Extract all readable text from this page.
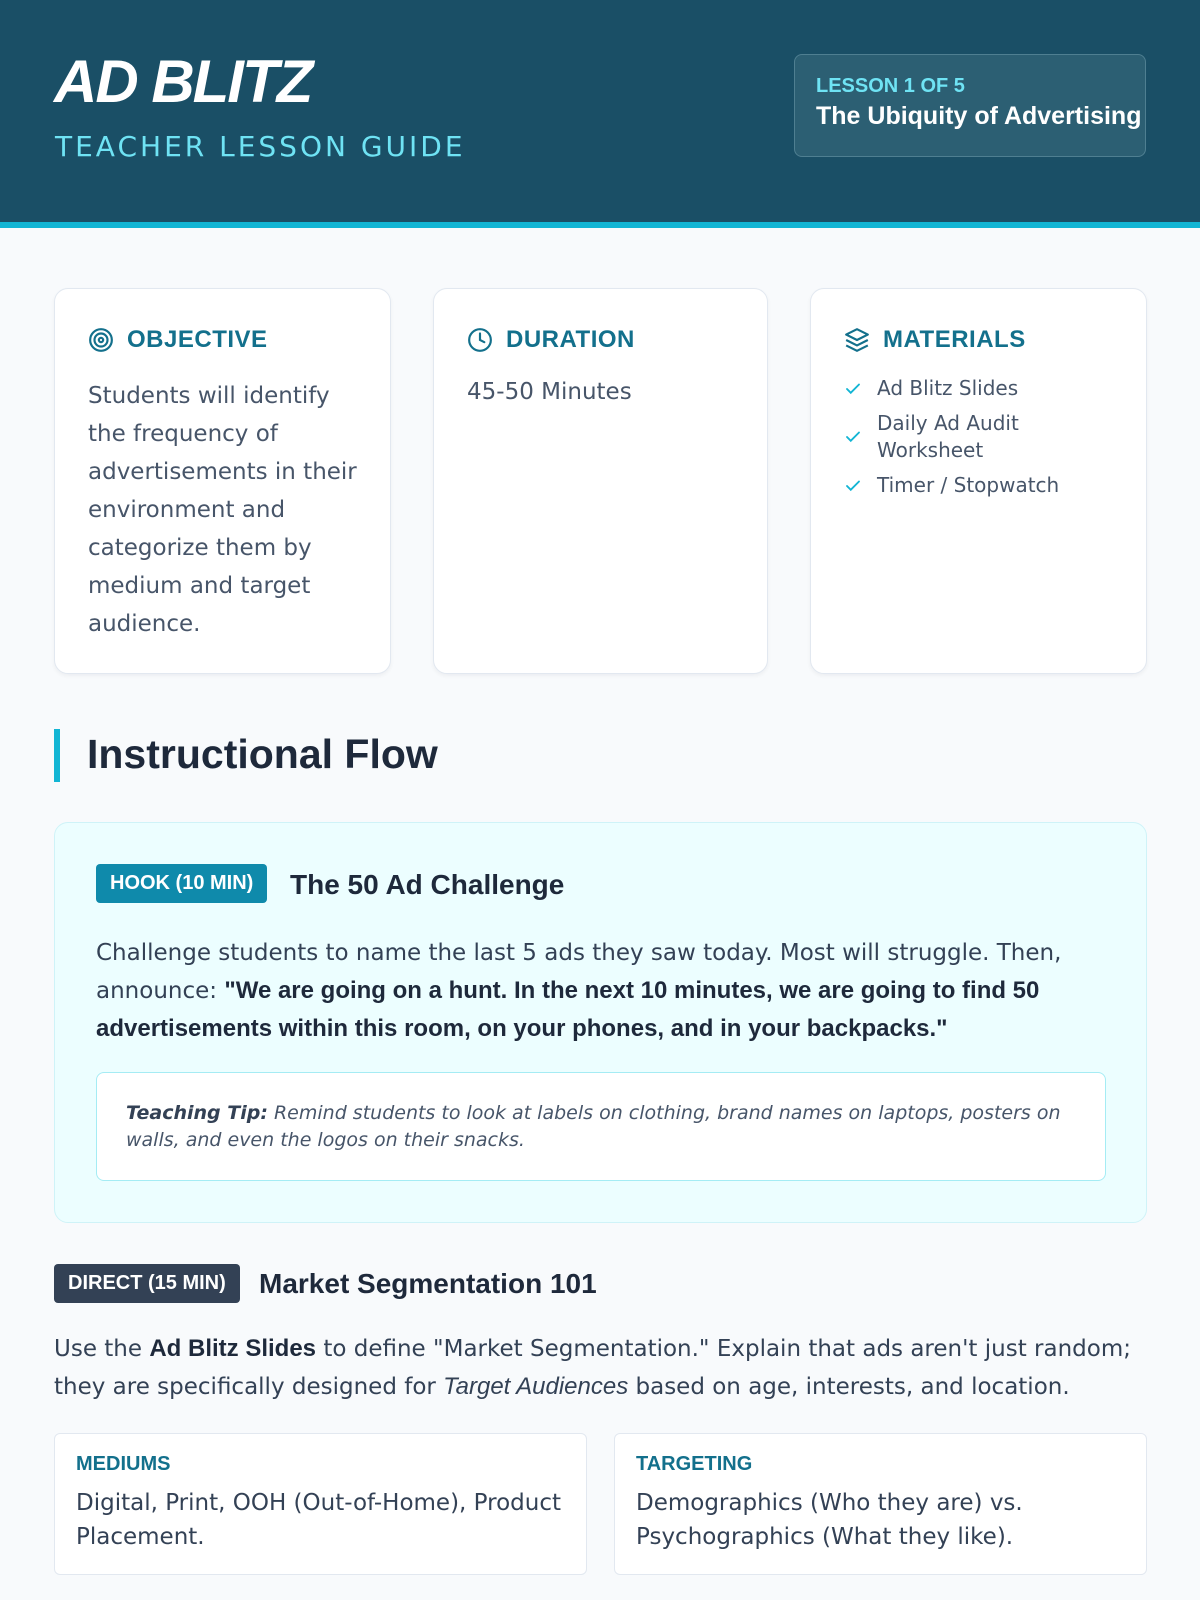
AD BLITZ
TEACHER LESSON GUIDE
LESSON 1 OF 5
The Ubiquity of Advertising
OBJECTIVE
Students will identify the frequency of advertisements in their environment and categorize them by medium and target audience.
DURATION
45-50 Minutes
MATERIALS
Ad Blitz Slides
Daily Ad Audit Worksheet
Timer / Stopwatch
Instructional Flow
HOOK (10 MIN)	The 50 Ad Challenge
Challenge students to name the last 5 ads they saw today. Most will struggle. Then, announce: "We are going on a hunt. In the next 10 minutes, we are going to find 50 advertisements within this room, on your phones, and in your backpacks."
Teaching Tip: Remind students to look at labels on clothing, brand names on laptops, posters on walls, and even the logos on their snacks.
DIRECT (15 MIN)	Market Segmentation 101
Use the Ad Blitz Slides to define "Market Segmentation." Explain that ads aren't just random; they are specifically designed for Target Audiences based on age, interests, and location.
MEDIUMS
Digital, Print, OOH (Out-of-Home), Product Placement.
TARGETING
Demographics (Who they are) vs. Psychographics (What they like).
